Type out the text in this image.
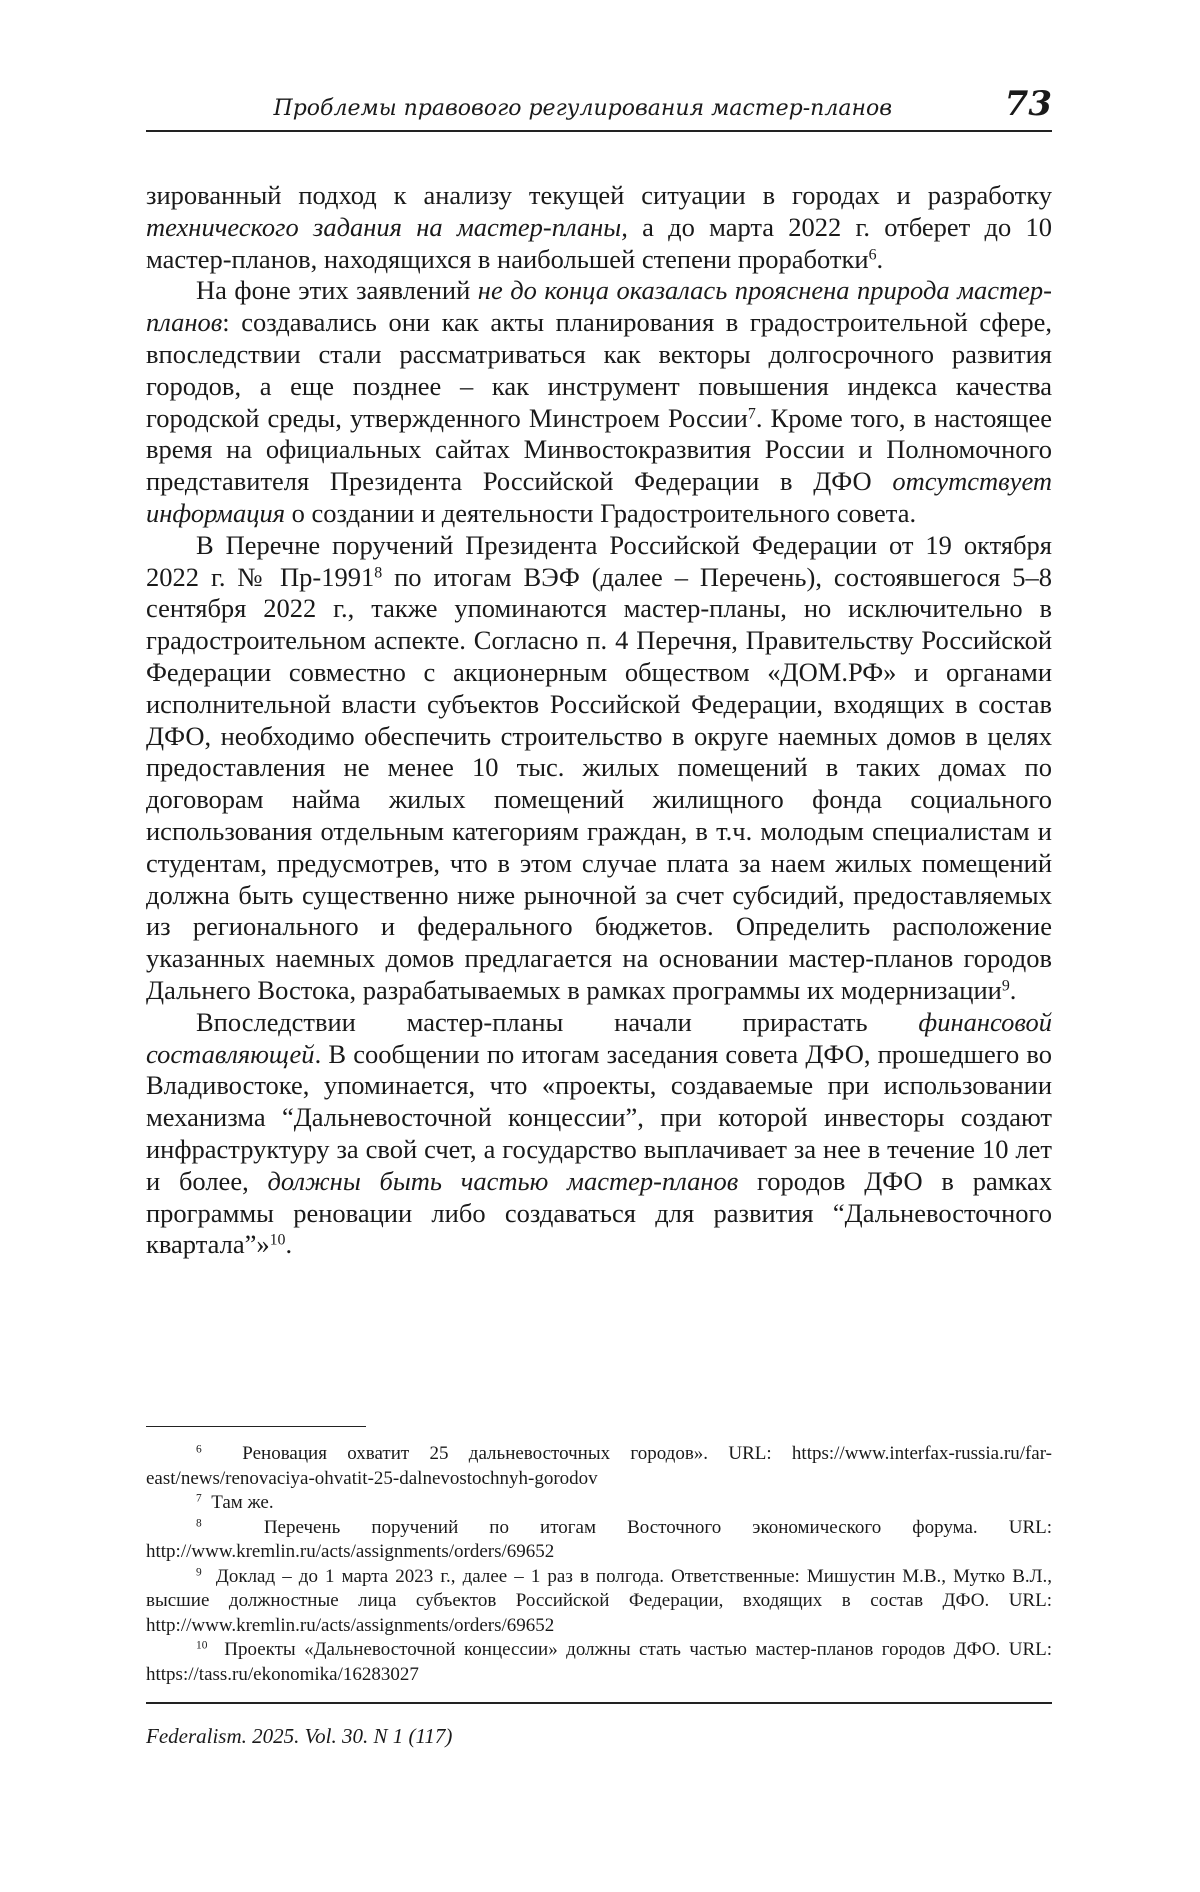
Проблемы правового регулирования мастер-планов	73

зированный подход к анализу текущей ситуации в городах и разработку технического задания на мастер-планы, а до марта 2022 г. отберет до 10 мастер-планов, находящихся в наибольшей степени проработки$^6$.

На фоне этих заявлений не до конца оказалась прояснена природа мастер-планов: создавались они как акты планирования в градостроительной сфере, впоследствии стали рассматриваться как векторы долгосрочного развития городов, а еще позднее – как инструмент повышения индекса качества городской среды, утвержденного Минстроем России$^7$. Кроме того, в настоящее время на официальных сайтах Минвостокразвития России и Полномочного представителя Президента Российской Федерации в ДФО отсутствует информация о создании и деятельности Градостроительного совета.

В Перечне поручений Президента Российской Федерации от 19 октября 2022 г. № Пр-1991$^8$ по итогам ВЭФ (далее – Перечень), состоявшегося 5–8 сентября 2022 г., также упоминаются мастер-планы, но исключительно в градостроительном аспекте. Согласно п. 4 Перечня, Правительству Российской Федерации совместно с акционерным обществом «ДОМ.РФ» и органами исполнительной власти субъектов Российской Федерации, входящих в состав ДФО, необходимо обеспечить строительство в округе наемных домов в целях предоставления не менее 10 тыс. жилых помещений в таких домах по договорам найма жилых помещений жилищного фонда социального использования отдельным категориям граждан, в т.ч. молодым специалистам и студентам, предусмотрев, что в этом случае плата за наем жилых помещений должна быть существенно ниже рыночной за счет субсидий, предоставляемых из регионального и федерального бюджетов. Определить расположение указанных наемных домов предлагается на основании мастер-планов городов Дальнего Востока, разрабатываемых в рамках программы их модернизации$^9$.

Впоследствии мастер-планы начали прирастать финансовой составляющей. В сообщении по итогам заседания совета ДФО, прошедшего во Владивостоке, упоминается, что «проекты, создаваемые при использовании механизма “Дальневосточной концессии”, при которой инвесторы создают инфраструктуру за свой счет, а государство выплачивает за нее в течение 10 лет и более, должны быть частью мастер-планов городов ДФО в рамках программы реновации либо создаваться для развития “Дальневосточного квартала”»$^{10}$.

$^6$ Реновация охватит 25 дальневосточных городов». URL: https://www.interfax-russia.ru/far-east/news/renovaciya-ohvatit-25-dalnevostochnyh-gorodov

$^7$ Там же.

$^8$	Перечень поручений по итогам Восточного экономического форума. URL: http://www.kremlin.ru/acts/assignments/orders/69652

$^9$ Доклад – до 1 марта 2023 г., далее – 1 раз в полгода. Ответственные: Мишустин М.В., Мутко В.Л., высшие должностные лица субъектов Российской Федерации, входящих в состав ДФО. URL: http://www.kremlin.ru/acts/assignments/orders/69652

$^{10}$ Проекты «Дальневосточной концессии» должны стать частью мастер-планов городов ДФО. URL: https://tass.ru/ekonomika/16283027

Federalism. 2025. Vol. 30. N 1 (117)
